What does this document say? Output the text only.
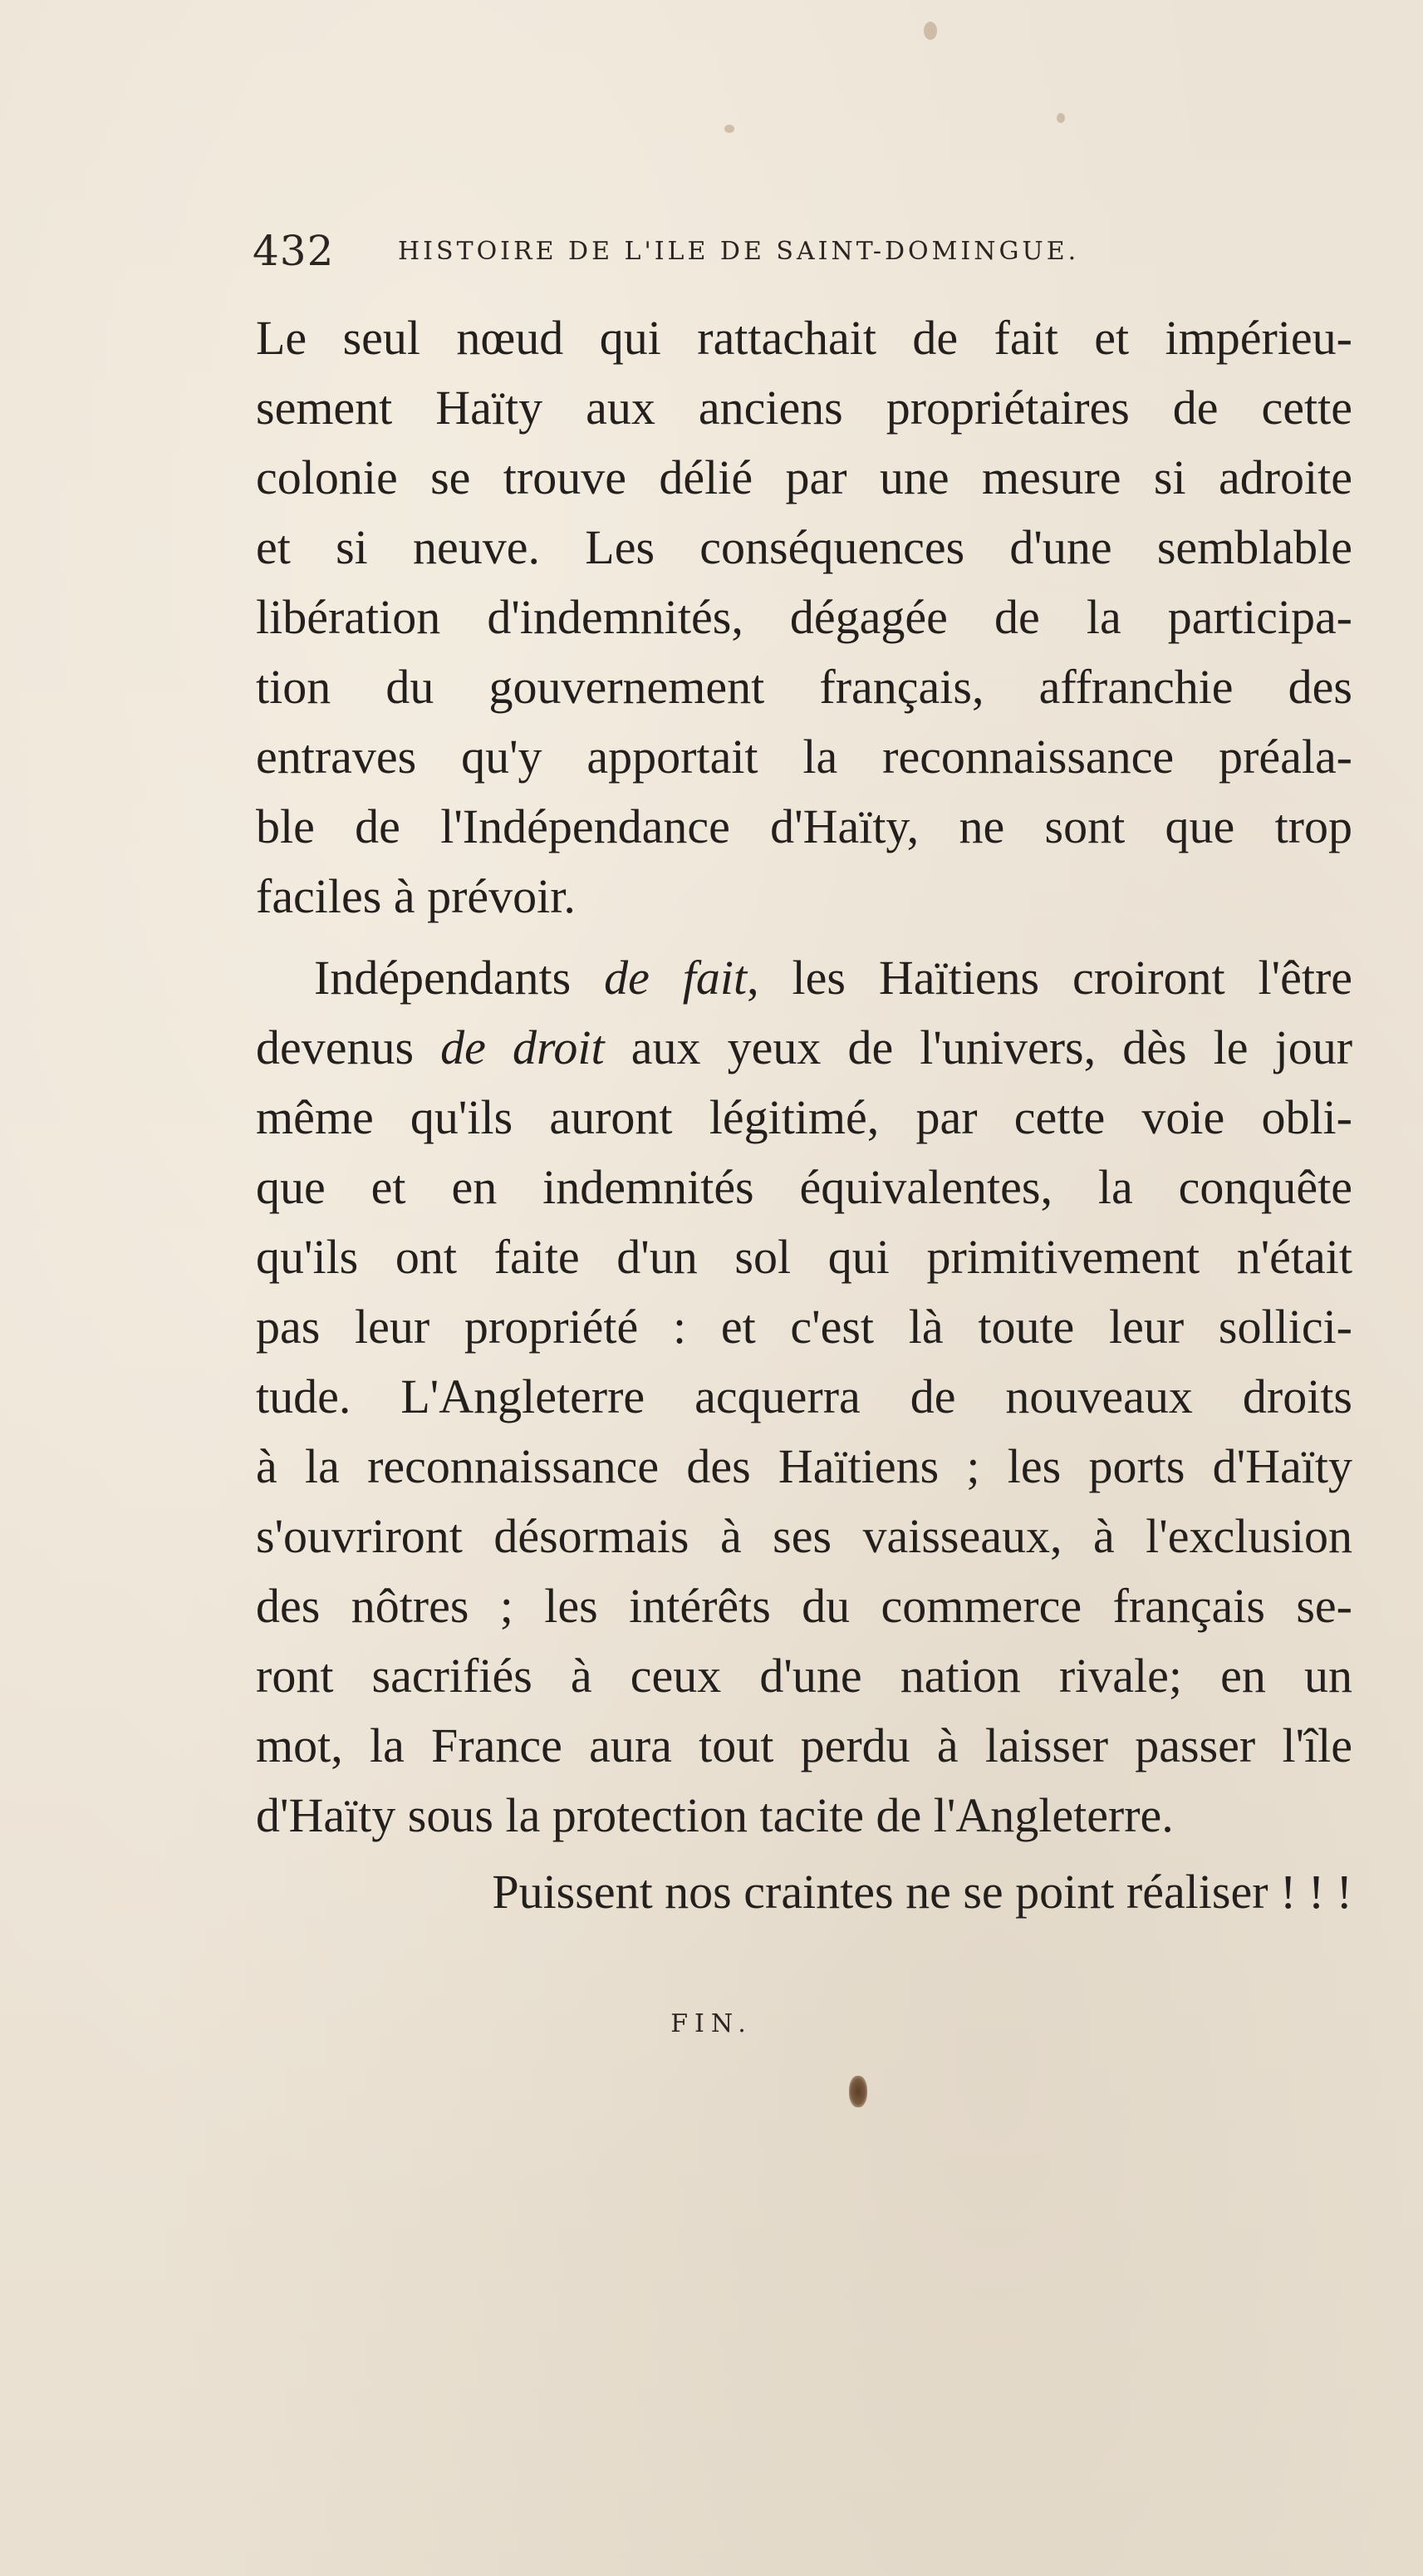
432	HISTOIRE DE L'ILE DE SAINT-DOMINGUE.
Le seul nœud qui rattachait de fait et impérieu-
sement Haïty aux anciens propriétaires de cette
colonie se trouve délié par une mesure si adroite
et si neuve. Les conséquences d'une semblable
libération d'indemnités, dégagée de la participa-
tion du gouvernement français, affranchie des
entraves qu'y apportait la reconnaissance préala-
ble de l'Indépendance d'Haïty, ne sont que trop
faciles à prévoir.
Indépendants de fait, les Haïtiens croiront l'être
devenus de droit aux yeux de l'univers, dès le jour
même qu'ils auront légitimé, par cette voie obli-
que et en indemnités équivalentes, la conquête
qu'ils ont faite d'un sol qui primitivement n'était
pas leur propriété : et c'est là toute leur sollici-
tude. L'Angleterre acquerra de nouveaux droits
à la reconnaissance des Haïtiens ; les ports d'Haïty
s'ouvriront désormais à ses vaisseaux, à l'exclusion
des nôtres ; les intérêts du commerce français se-
ront sacrifiés à ceux d'une nation rivale; en un
mot, la France aura tout perdu à laisser passer l'île
d'Haïty sous la protection tacite de l'Angleterre.
Puissent nos craintes ne se point réaliser ! ! !
FIN.
